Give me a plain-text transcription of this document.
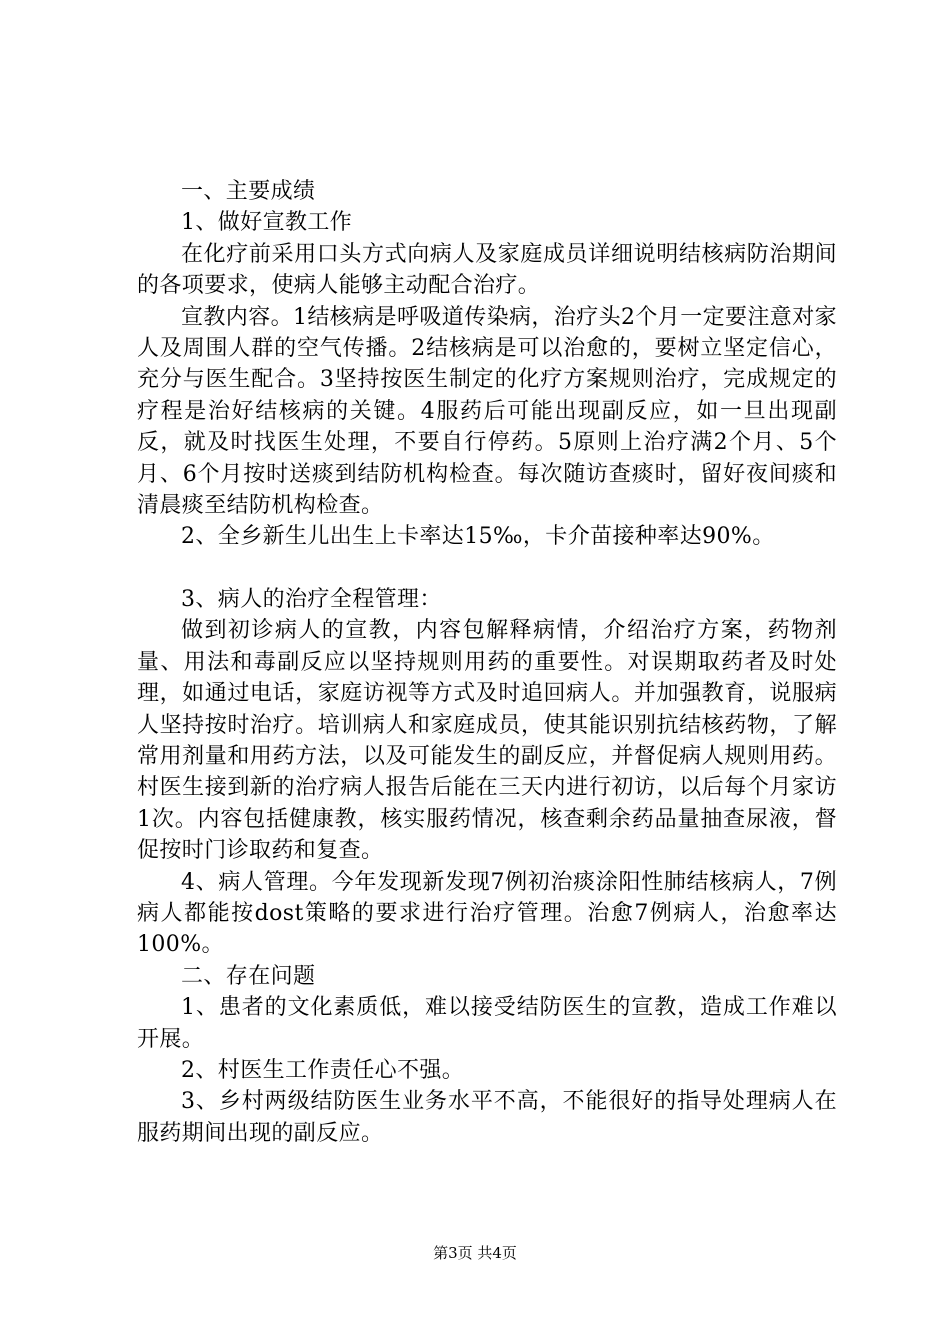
一、主要成绩

1、做好宣教工作

在化疗前采用口头方式向病人及家庭成员详细说明结核病防治期间的各项要求，使病人能够主动配合治疗。

宣教内容。1结核病是呼吸道传染病，治疗头2个月一定要注意对家人及周围人群的空气传播。2结核病是可以治愈的，要树立坚定信心，充分与医生配合。3坚持按医生制定的化疗方案规则治疗，完成规定的疗程是治好结核病的关键。4服药后可能出现副反应，如一旦出现副反，就及时找医生处理，不要自行停药。5原则上治疗满2个月、5个月、6个月按时送痰到结防机构检查。每次随访查痰时，留好夜间痰和清晨痰至结防机构检查。

2、全乡新生儿出生上卡率达15‰，卡介苗接种率达90%。

3、病人的治疗全程管理：

做到初诊病人的宣教，内容包解释病情，介绍治疗方案，药物剂量、用法和毒副反应以坚持规则用药的重要性。对误期取药者及时处理，如通过电话，家庭访视等方式及时追回病人。并加强教育，说服病人坚持按时治疗。培训病人和家庭成员，使其能识别抗结核药物，了解常用剂量和用药方法，以及可能发生的副反应，并督促病人规则用药。村医生接到新的治疗病人报告后能在三天内进行初访，以后每个月家访1次。内容包括健康教，核实服药情况，核查剩余药品量抽查尿液，督促按时门诊取药和复查。

4、病人管理。今年发现新发现7例初治痰涂阳性肺结核病人，7例病人都能按dost策略的要求进行治疗管理。治愈7例病人，治愈率达100%。

二、存在问题

1、患者的文化素质低，难以接受结防医生的宣教，造成工作难以开展。

2、村医生工作责任心不强。

3、乡村两级结防医生业务水平不高，不能很好的指导处理病人在服药期间出现的副反应。

第3页 共4页
